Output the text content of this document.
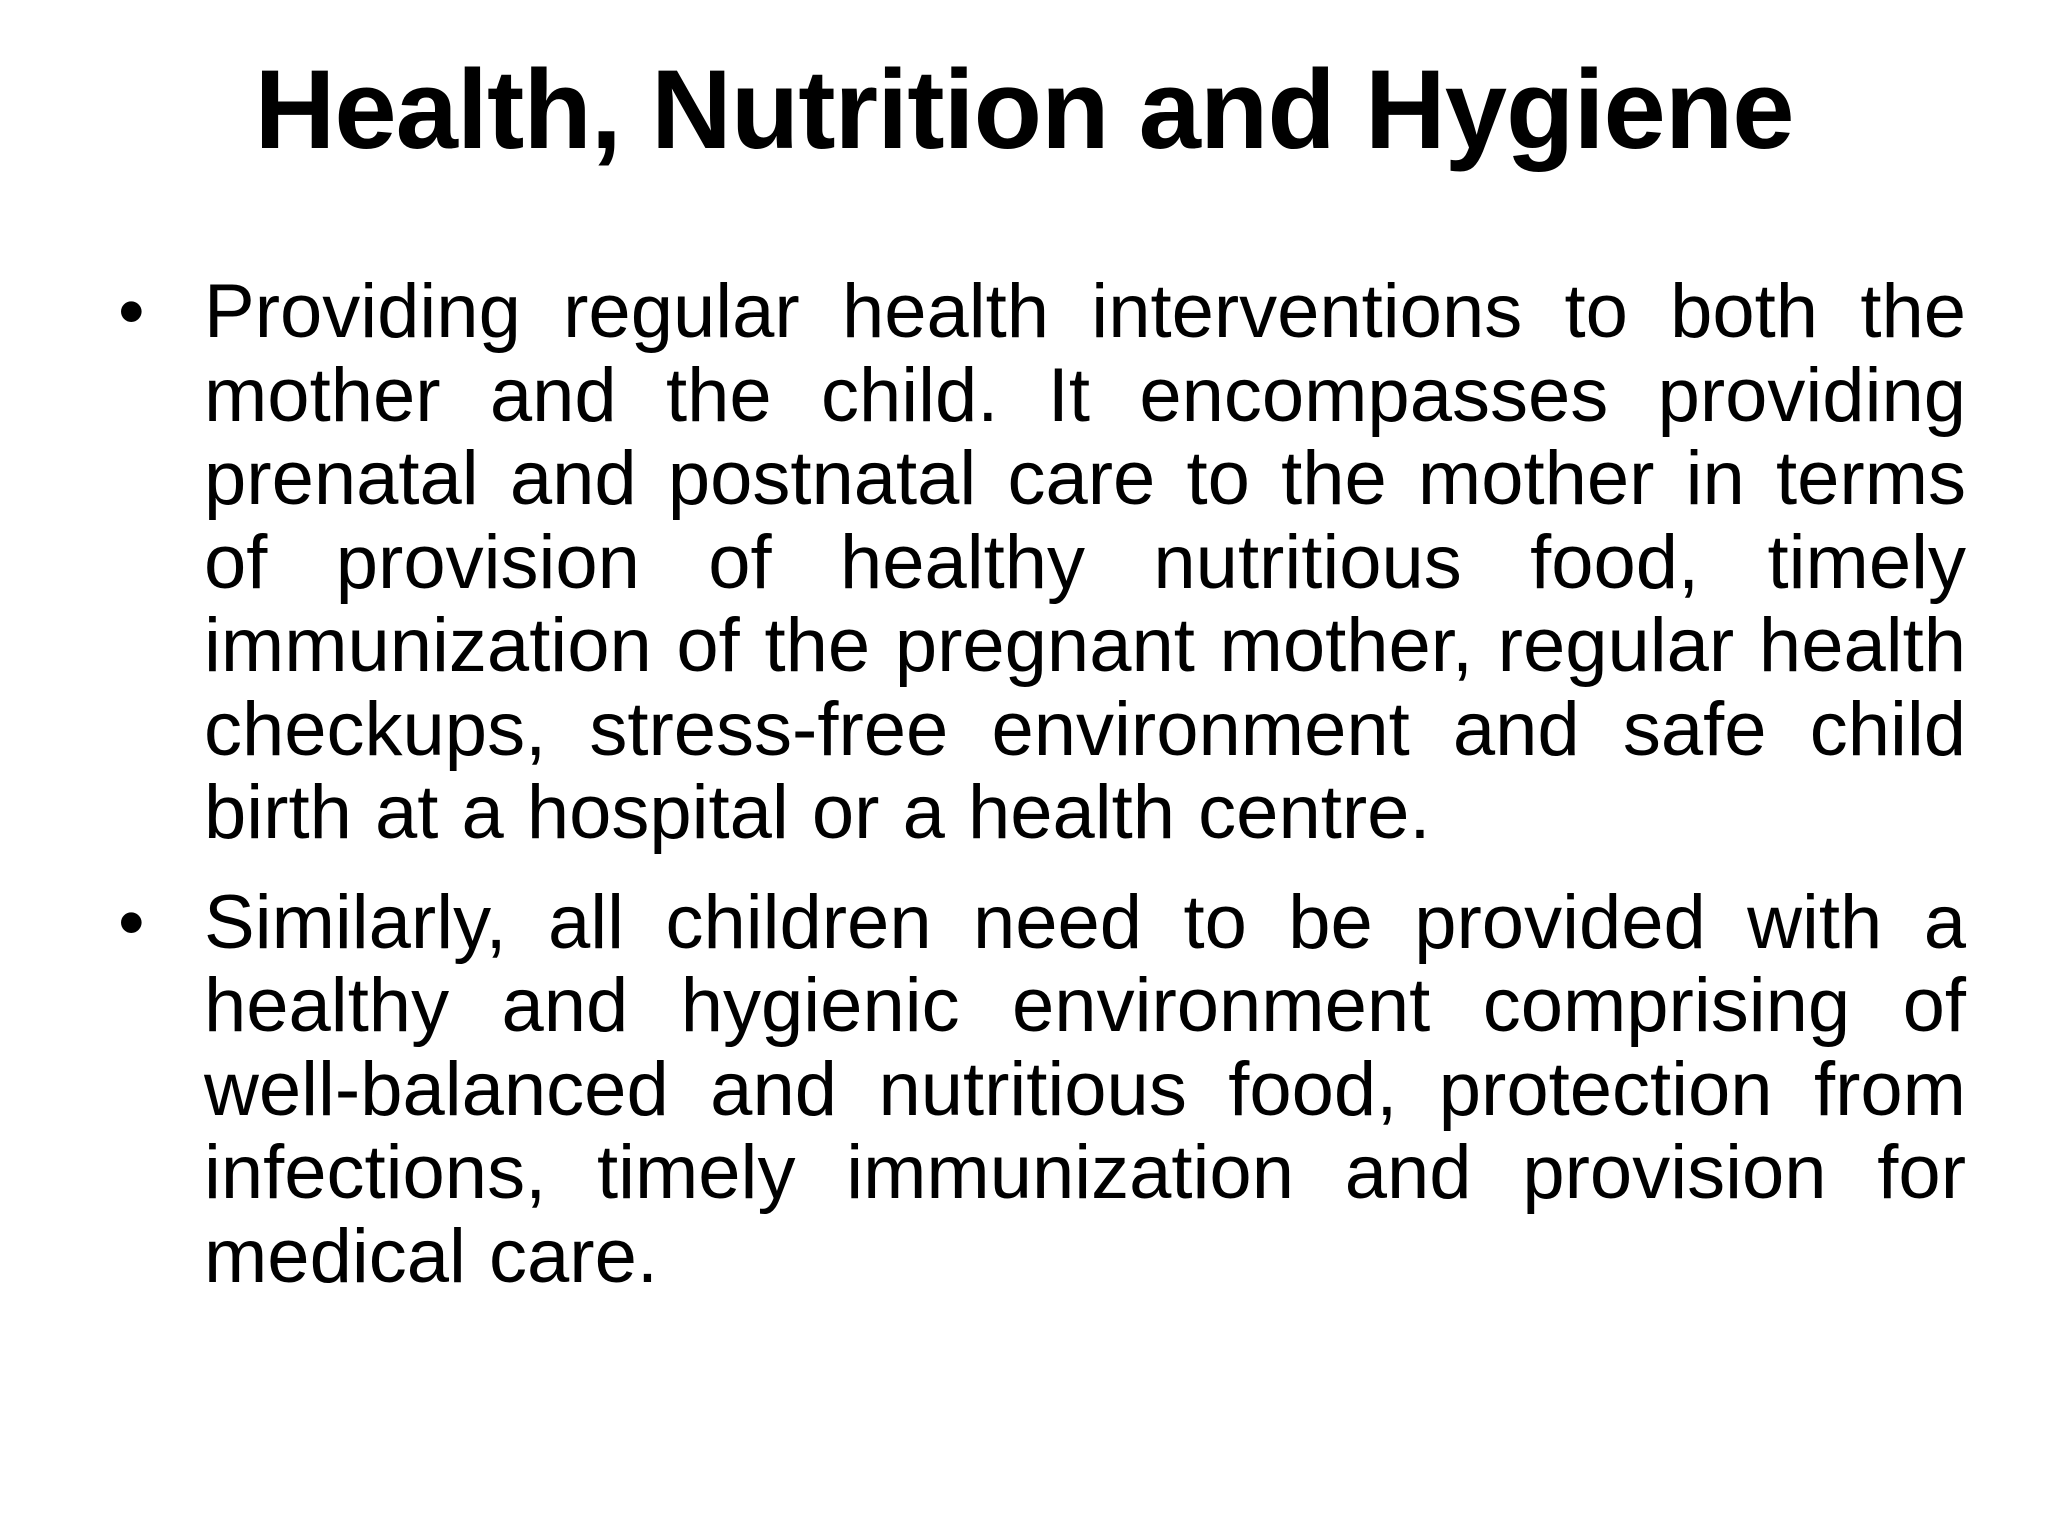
Health, Nutrition and Hygiene
• Providing regular health interventions to both the mother and the child. It encompasses providing prenatal and postnatal care to the mother in terms of provision of healthy nutritious food, timely immunization of the pregnant mother, regular health checkups, stress-free environment and safe child birth at a hospital or a health centre.
• Similarly, all children need to be provided with a healthy and hygienic environment comprising of well-balanced and nutritious food, protection from infections, timely immunization and provision for medical care.
